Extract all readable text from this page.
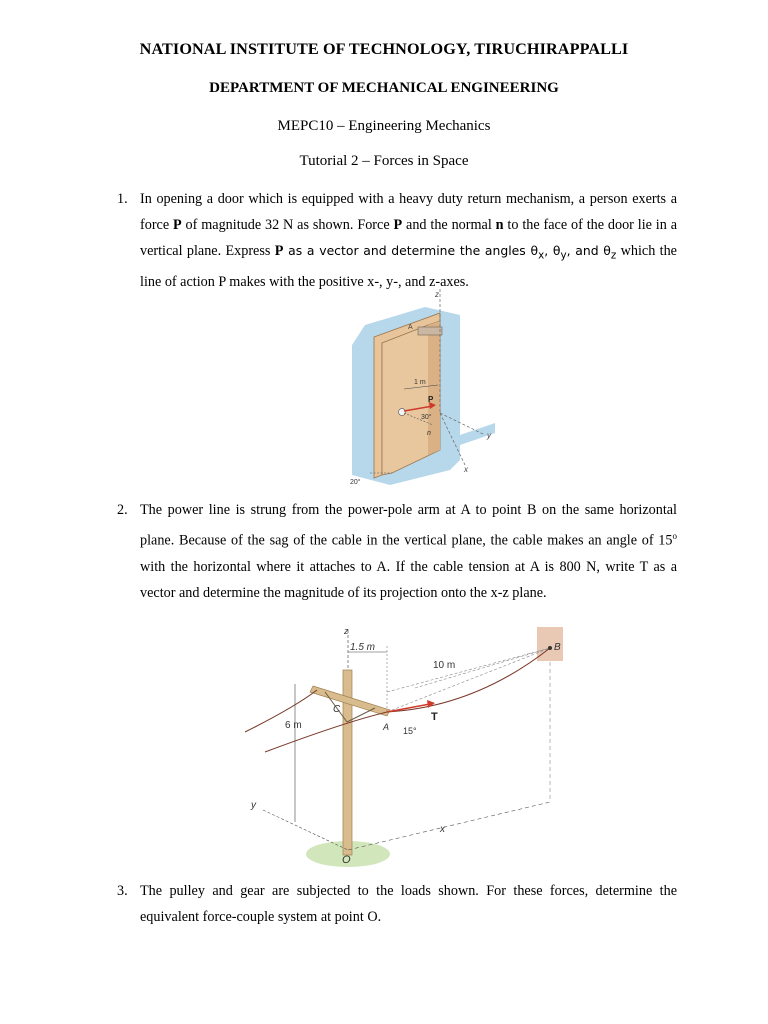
NATIONAL INSTITUTE OF TECHNOLOGY, TIRUCHIRAPPALLI
DEPARTMENT OF MECHANICAL ENGINEERING
MEPC10 – Engineering Mechanics
Tutorial 2 – Forces in Space
1. In opening a door which is equipped with a heavy duty return mechanism, a person exerts a force P of magnitude 32 N as shown. Force P and the normal n to the face of the door lie in a vertical plane. Express P as a vector and determine the angles $\theta_x$, $\theta_y$, and $\theta_z$ which the line of action P makes with the positive x-, y-, and z-axes.
z
y
x
A
1 m
P
30°
n
20°
2. The power line is strung from the power-pole arm at A to point B on the same horizontal plane. Because of the sag of the cable in the vertical plane, the cable makes an angle of 15$^o$ with the horizontal where it attaches to A. If the cable tension at A is 800 N, write T as a vector and determine the magnitude of its projection onto the x-z plane.
z
1.5 m
10 m
B
C
A
T
15°
6 m
y
x
O
3. The pulley and gear are subjected to the loads shown. For these forces, determine the equivalent force-couple system at point O.
